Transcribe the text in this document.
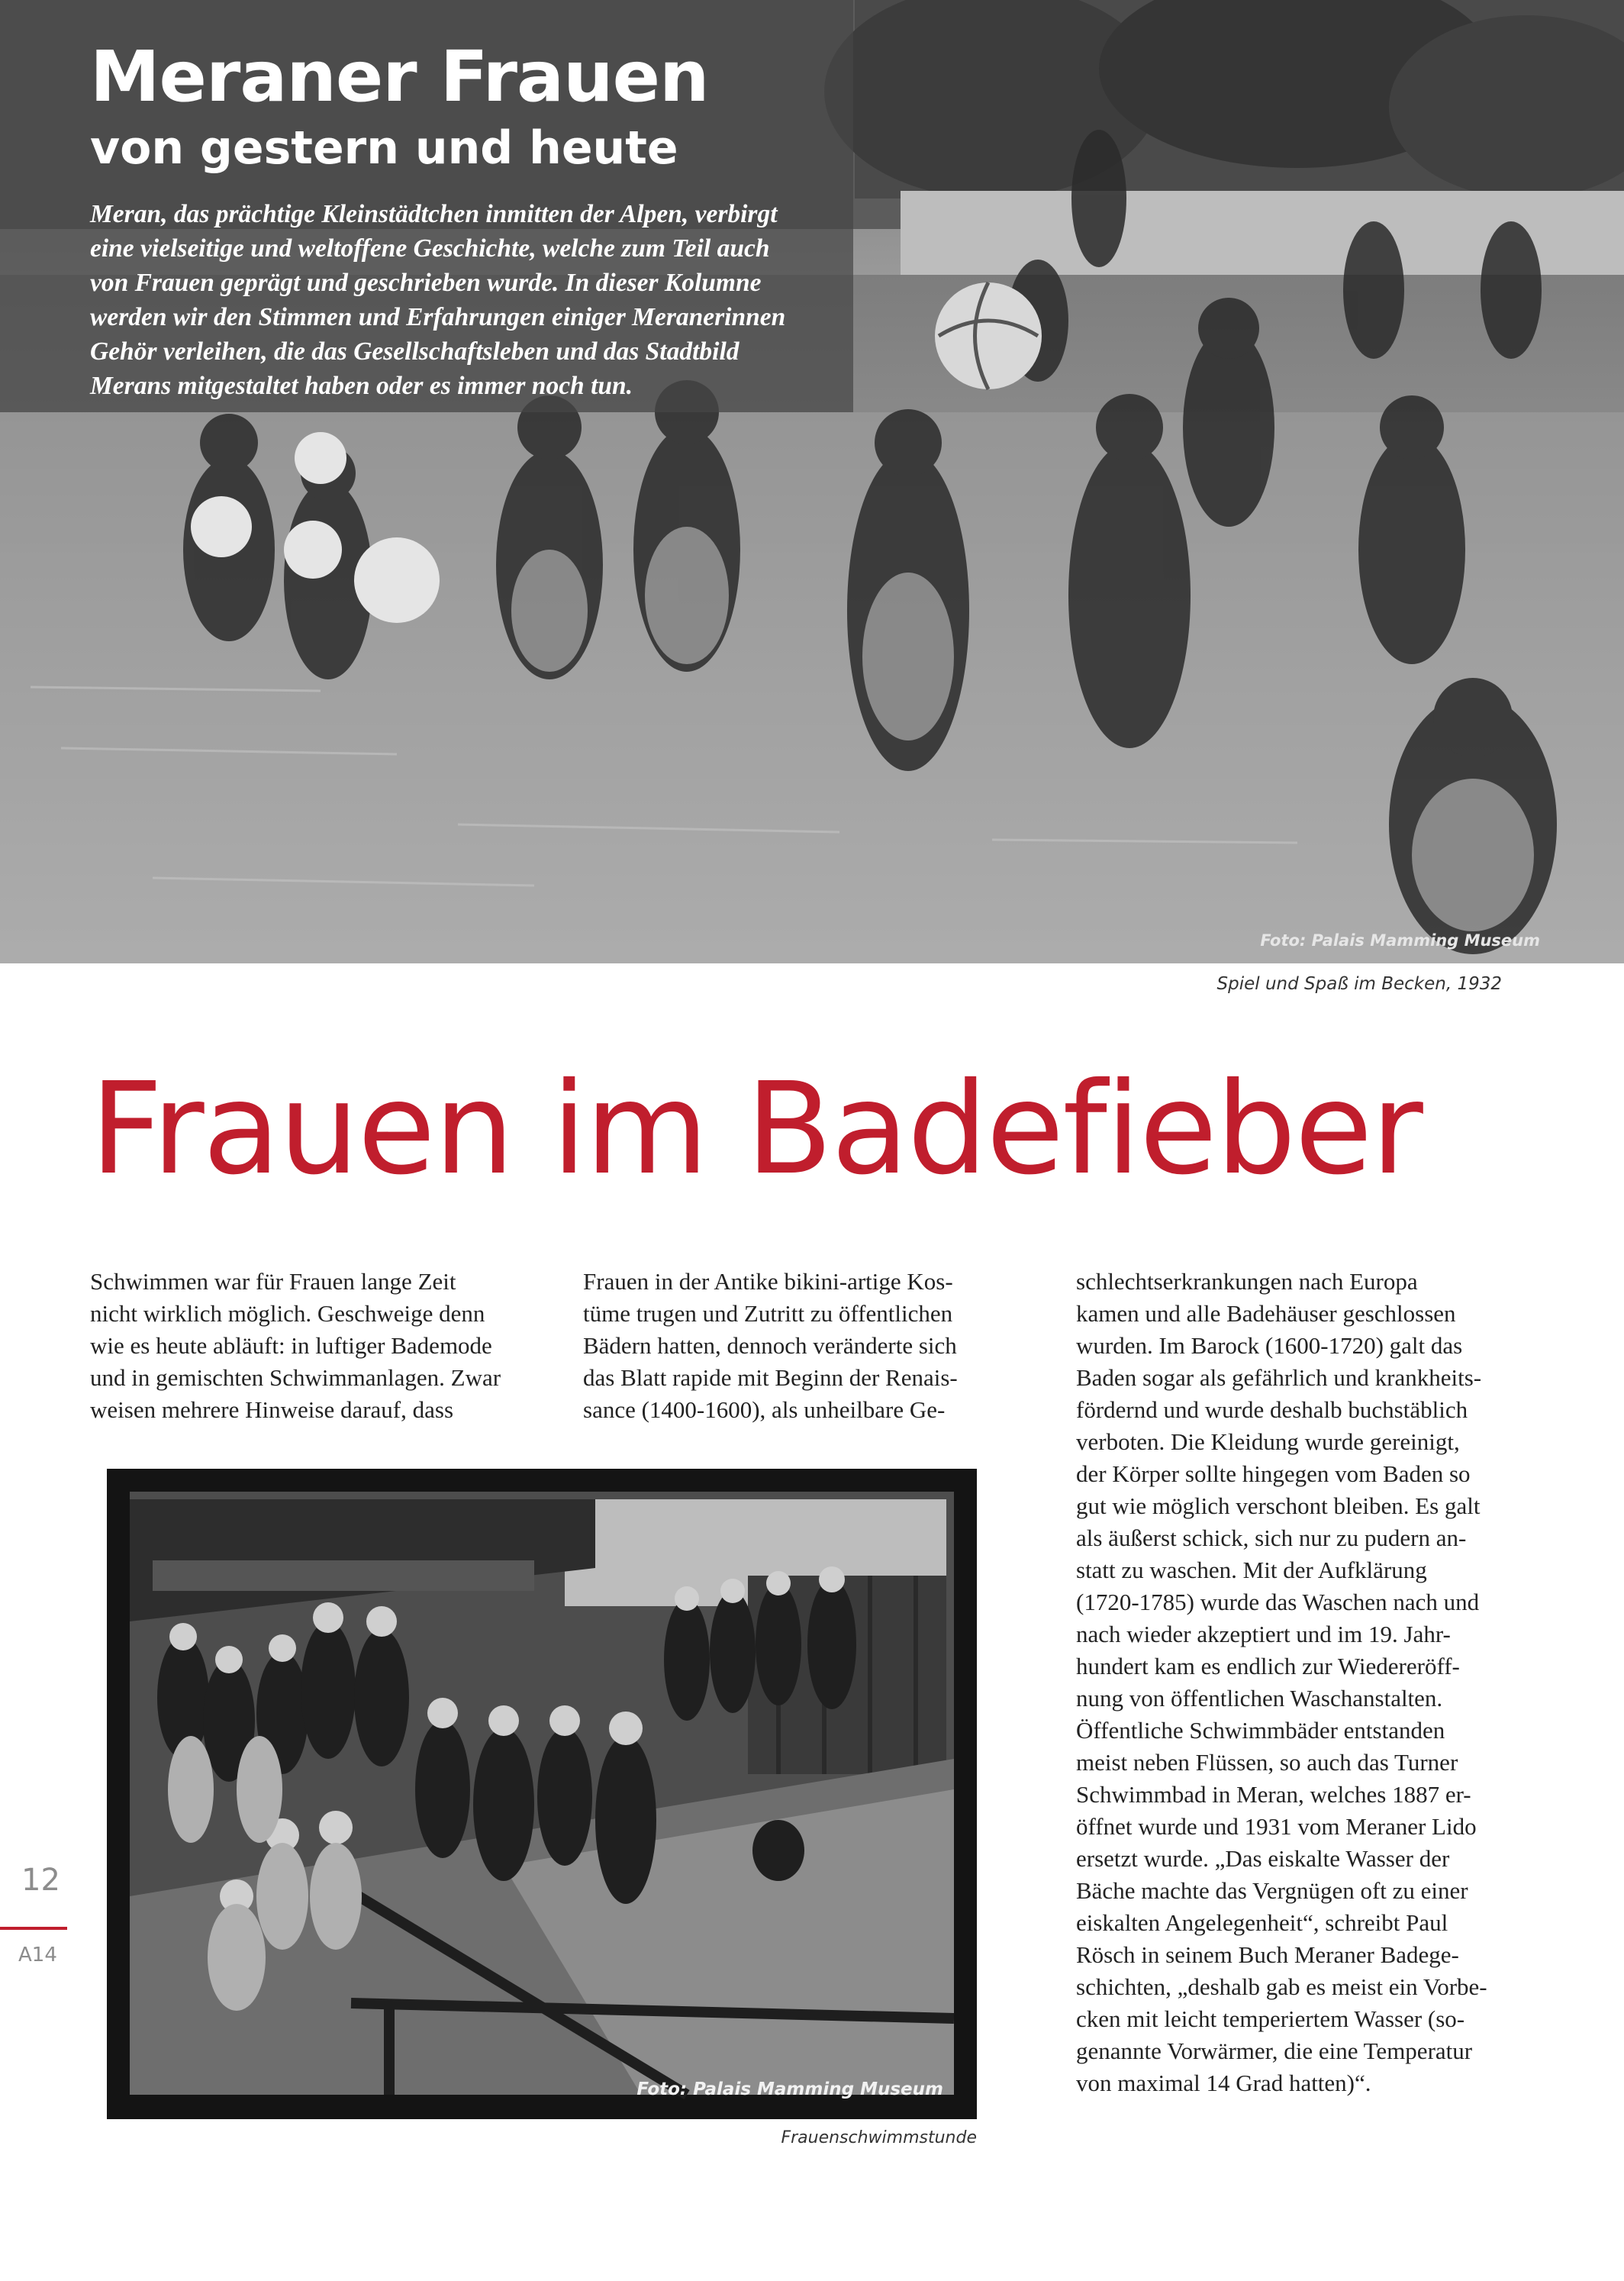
Meraner Frauen
von gestern und heute

Meran, das prächtige Kleinstädtchen inmitten der Alpen, verbirgt
eine vielseitige und weltoffene Geschichte, welche zum Teil auch
von Frauen geprägt und geschrieben wurde. In dieser Kolumne
werden wir den Stimmen und Erfahrungen einiger Meranerinnen
Gehör verleihen, die das Gesellschaftsleben und das Stadtbild
Merans mitgestaltet haben oder es immer noch tun.

Foto: Palais Mamming Museum
Spiel und Spaß im Becken, 1932
Frauen im Badefieber
Schwimmen war für Frauen lange Zeit
nicht wirklich möglich. Geschweige denn
wie es heute abläuft: in luftiger Bademode
und in gemischten Schwimmanlagen. Zwar
weisen mehrere Hinweise darauf, dass
Frauen in der Antike bikini-artige Kos-
tüme trugen und Zutritt zu öffentlichen
Bädern hatten, dennoch veränderte sich
das Blatt rapide mit Beginn der Renais-
sance (1400-1600), als unheilbare Ge-
schlechtserkrankungen nach Europa
kamen und alle Badehäuser geschlossen
wurden. Im Barock (1600-1720) galt das
Baden sogar als gefährlich und krankheits-
fördernd und wurde deshalb buchstäblich
verboten. Die Kleidung wurde gereinigt,
der Körper sollte hingegen vom Baden so
gut wie möglich verschont bleiben. Es galt
als äußerst schick, sich nur zu pudern an-
statt zu waschen. Mit der Aufklärung
(1720-1785) wurde das Waschen nach und
nach wieder akzeptiert und im 19. Jahr-
hundert kam es endlich zur Wiedereröff-
nung von öffentlichen Waschanstalten.
Öffentliche Schwimmbäder entstanden
meist neben Flüssen, so auch das Turner
Schwimmbad in Meran, welches 1887 er-
öffnet wurde und 1931 vom Meraner Lido
ersetzt wurde. „Das eiskalte Wasser der
Bäche machte das Vergnügen oft zu einer
eiskalten Angelegenheit“, schreibt Paul
Rösch in seinem Buch Meraner Badege-
schichten, „deshalb gab es meist ein Vorbe-
cken mit leicht temperiertem Wasser (so-
genannte Vorwärmer, die eine Temperatur
von maximal 14 Grad hatten)“.
Foto: Palais Mamming Museum
Frauenschwimmstunde
12
A14
